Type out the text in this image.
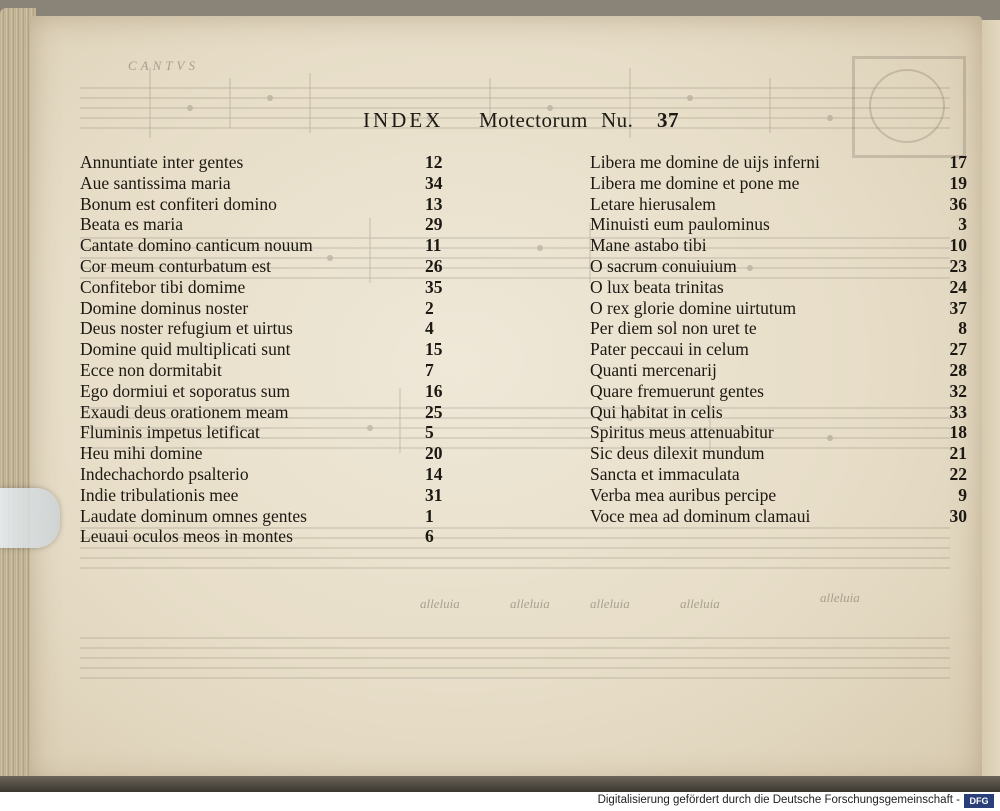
CANTVS
alleluia	alleluia	alleluia	alleluia	alleluia
INDEX Motectorum Nu. 37
Annuntiate inter gentes	12
Aue santissima maria	34
Bonum est confiteri domino	13
Beata es maria	29
Cantate domino canticum nouum	11
Cor meum conturbatum est	26
Confitebor tibi domime	35
Domine dominus noster	2
Deus noster refugium et uirtus	4
Domine quid multiplicati sunt	15
Ecce non dormitabit	7
Ego dormiui et soporatus sum	16
Exaudi deus orationem meam	25
Fluminis impetus letificat	5
Heu mihi domine	20
Indechachordo psalterio	14
Indie tribulationis mee	31
Laudate dominum omnes gentes	1
Leuaui oculos meos in montes	6
Libera me domine de uijs inferni	17
Libera me domine et pone me	19
Letare hierusalem	36
Minuisti eum paulominus	3
Mane astabo tibi	10
O sacrum conuiuium	23
O lux beata trinitas	24
O rex glorie domine uirtutum	37
Per diem sol non uret te	8
Pater peccaui in celum	27
Quanti mercenarij	28
Quare fremuerunt gentes	32
Qui habitat in celis	33
Spiritus meus attenuabitur	18
Sic deus dilexit mundum	21
Sancta et immaculata	22
Verba mea auribus percipe	9
Voce mea ad dominum clamaui	30
Digitalisierung gefördert durch die Deutsche Forschungsgemeinschaft -	DFG
